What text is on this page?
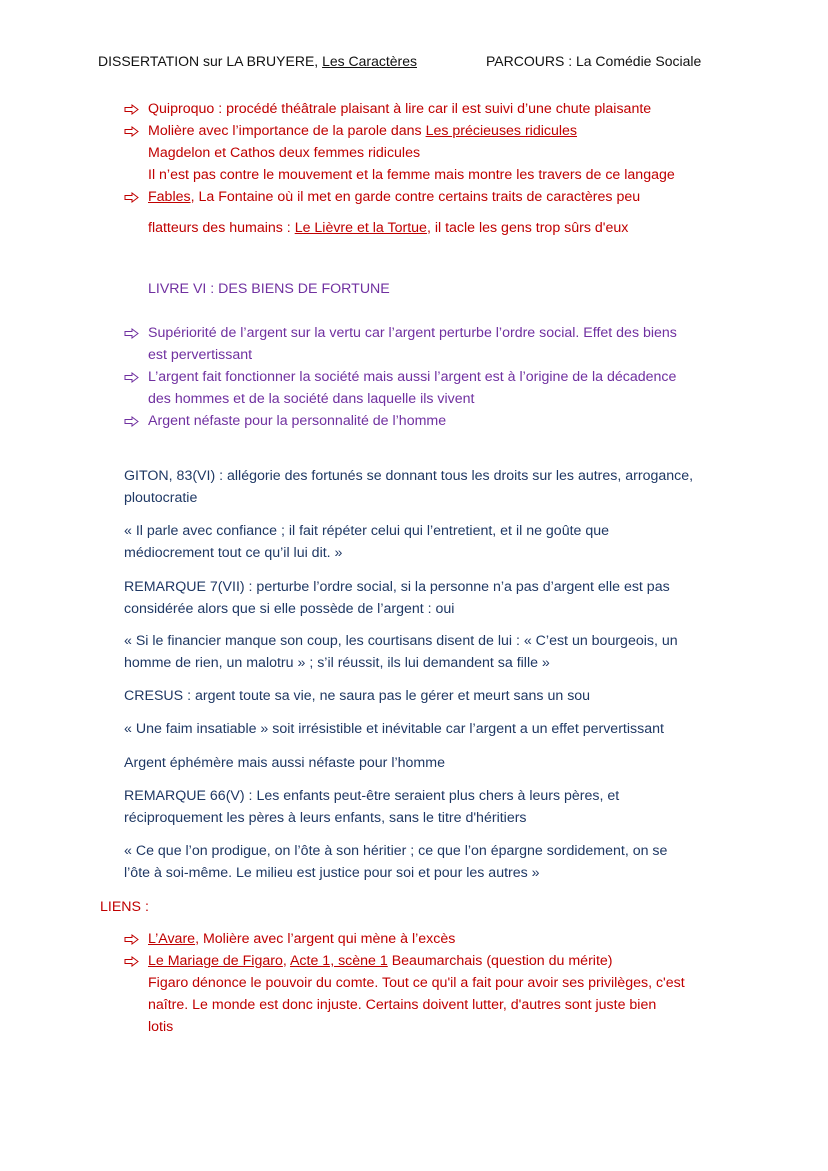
DISSERTATION sur LA BRUYERE, Les Caractères	PARCOURS : La Comédie Sociale
Quiproquo : procédé théâtrale plaisant à lire car il est suivi d’une chute plaisante
Molière avec l’importance de la parole dans Les précieuses ridicules
Magdelon et Cathos deux femmes ridicules
Il n’est pas contre le mouvement et la femme mais montre les travers de ce langage
Fables, La Fontaine où il met en garde contre certains traits de caractères peu
flatteurs des humains : Le Lièvre et la Tortue, il tacle les gens trop sûrs d'eux
LIVRE VI : DES BIENS DE FORTUNE
Supériorité de l’argent sur la vertu car l’argent perturbe l’ordre social. Effet des biens
est pervertissant
L’argent fait fonctionner la société mais aussi l’argent est à l’origine de la décadence
des hommes et de la société dans laquelle ils vivent
Argent néfaste pour la personnalité de l’homme
GITON, 83(VI) : allégorie des fortunés se donnant tous les droits sur les autres, arrogance,
ploutocratie
« Il parle avec confiance ; il fait répéter celui qui l’entretient, et il ne goûte que
médiocrement tout ce qu’il lui dit. »
REMARQUE 7(VII) : perturbe l’ordre social, si la personne n’a pas d’argent elle est pas
considérée alors que si elle possède de l’argent : oui
« Si le financier manque son coup, les courtisans disent de lui : « C’est un bourgeois, un
homme de rien, un malotru » ; s’il réussit, ils lui demandent sa fille »
CRESUS : argent toute sa vie, ne saura pas le gérer et meurt sans un sou
« Une faim insatiable » soit irrésistible et inévitable car l’argent a un effet pervertissant
Argent éphémère mais aussi néfaste pour l’homme
REMARQUE 66(V) : Les enfants peut-être seraient plus chers à leurs pères, et
réciproquement les pères à leurs enfants, sans le titre d'héritiers
« Ce que l’on prodigue, on l’ôte à son héritier ; ce que l’on épargne sordidement, on se
l’ôte à soi-même. Le milieu est justice pour soi et pour les autres »
LIENS :
L’Avare, Molière avec l’argent qui mène à l’excès
Le Mariage de Figaro, Acte 1, scène 1 Beaumarchais (question du mérite)
Figaro dénonce le pouvoir du comte. Tout ce qu'il a fait pour avoir ses privilèges, c'est
naître. Le monde est donc injuste. Certains doivent lutter, d'autres sont juste bien
lotis
